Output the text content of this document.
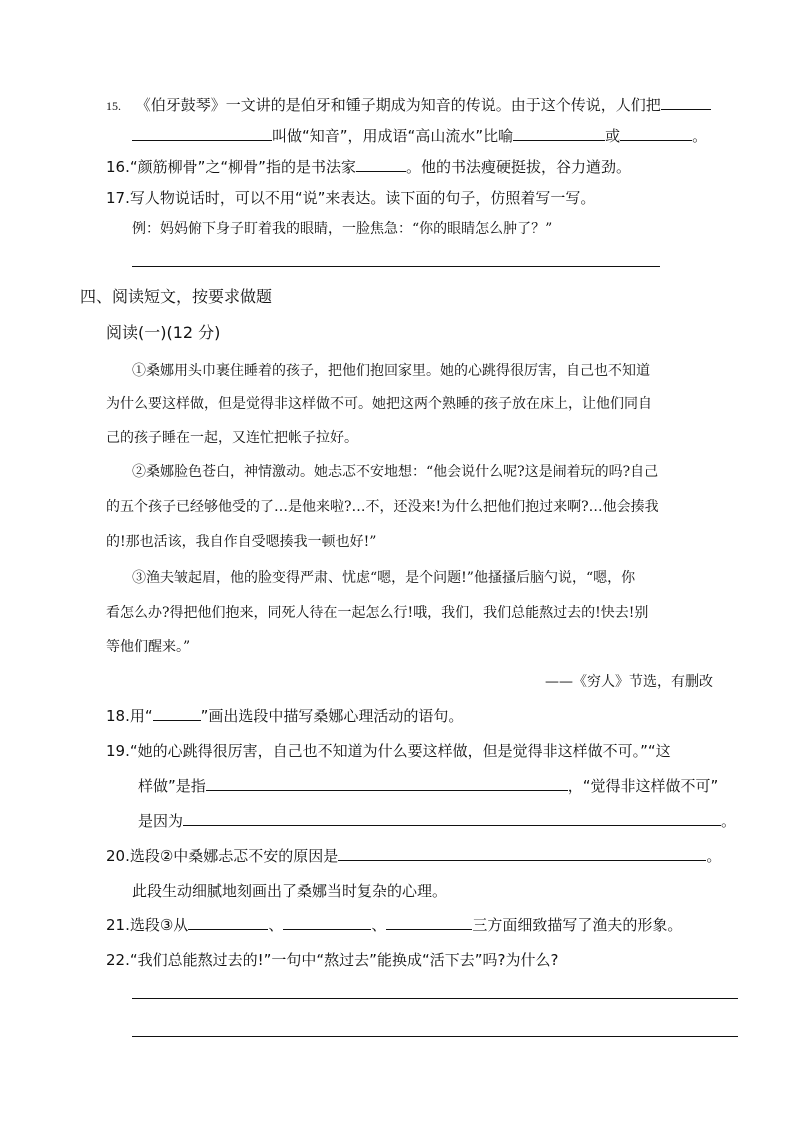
15. 《伯牙鼓琴》一文讲的是伯牙和锺子期成为知音的传说。由于这个传说，人们把
叫做“知音”，用成语“高山流水”比喻	或	。
16.“颜筋柳骨”之“柳骨”指的是书法家	。他的书法瘦硬挺拔，谷力遒劲。
17.写人物说话时，可以不用“说”来表达。读下面的句子，仿照着写一写。
例：妈妈俯下身子盯着我的眼睛，一脸焦急：“你的眼睛怎么肿了？”
四、阅读短文，按要求做题
阅读(一)(12 分)
①桑娜用头巾裹住睡着的孩子，把他们抱回家里。她的心跳得很厉害，自己也不知道
为什么要这样做，但是觉得非这样做不可。她把这两个熟睡的孩子放在床上，让他们同自
己的孩子睡在一起，又连忙把帐子拉好。
②桑娜脸色苍白，神情激动。她忐忑不安地想：“他会说什么呢?这是闹着玩的吗?自己
的五个孩子已经够他受的了…是他来啦?…不，还没来!为什么把他们抱过来啊?…他会揍我
的!那也活该，我自作自受嗯揍我一顿也好!”
③渔夫皱起眉，他的脸变得严肃、忧虑“嗯，是个问题!”他搔搔后脑勺说，“嗯，你
看怎么办?得把他们抱来，同死人待在一起怎么行!哦，我们，我们总能熬过去的!快去!别
等他们醒来。”
——《穷人》节选，有删改
18.用“	”画出选段中描写桑娜心理活动的语句。
19.“她的心跳得很厉害，自己也不知道为什么要这样做，但是觉得非这样做不可。”“这
样做”是指	，“觉得非这样做不可”
是因为	。
20.选段②中桑娜忐忑不安的原因是	。
此段生动细腻地刻画出了桑娜当时复杂的心理。
21.选段③从	、	、	三方面细致描写了渔夫的形象。
22.“我们总能熬过去的!”一句中“熬过去”能换成“活下去”吗?为什么?
